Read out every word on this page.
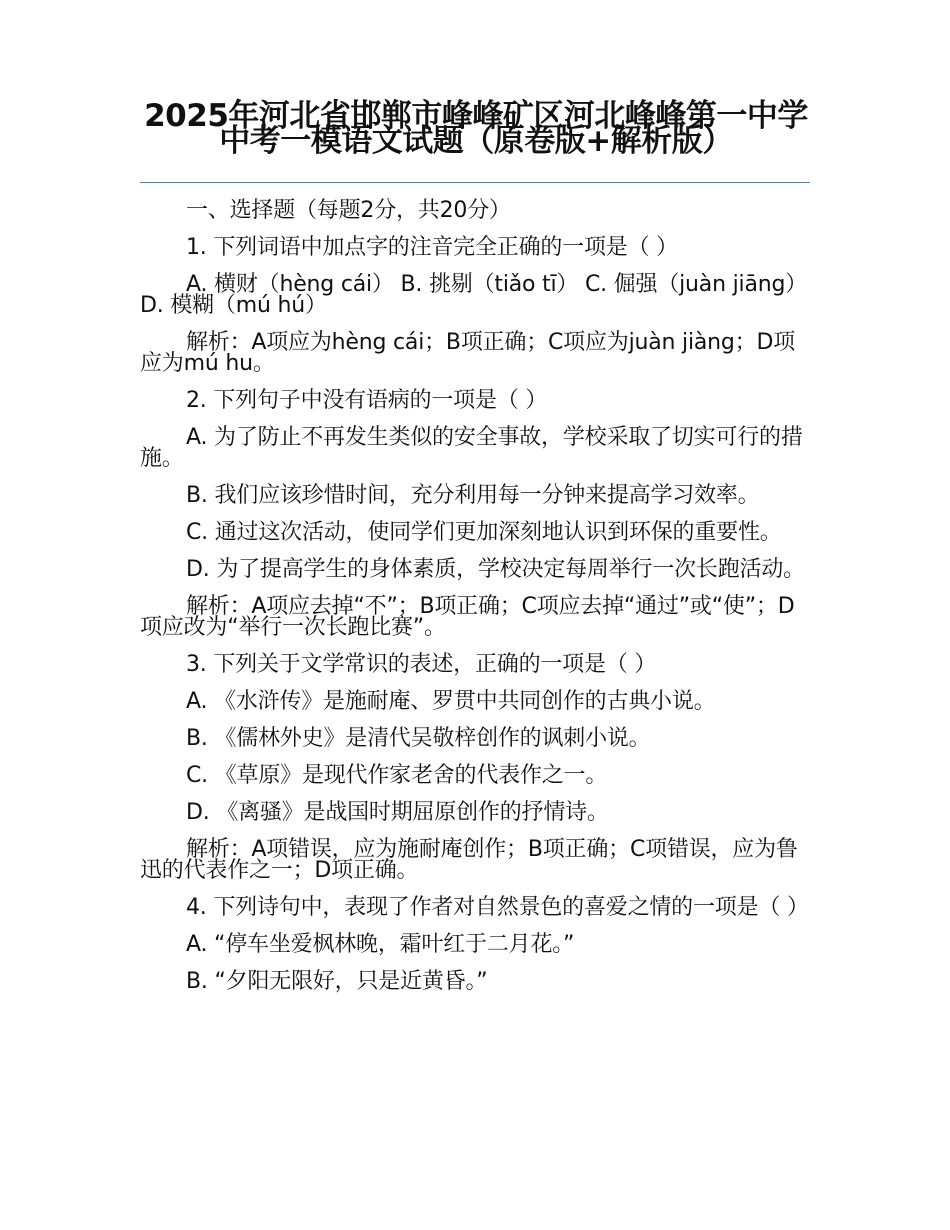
2025年河北省邯郸市峰峰矿区河北峰峰第一中学中考一模语文试题（原卷版+解析版）

一、选择题（每题2分，共20分）

1. 下列词语中加点字的注音完全正确的一项是（ ）

A. 横财（hèng cái） B. 挑剔（tiǎo tī） C. 倔强（juàn jiāng） D. 模糊（mú hú）

解析：A项应为hèng cái；B项正确；C项应为juàn jiàng；D项应为mú hu。

2. 下列句子中没有语病的一项是（ ）

A. 为了防止不再发生类似的安全事故，学校采取了切实可行的措施。

B. 我们应该珍惜时间，充分利用每一分钟来提高学习效率。

C. 通过这次活动，使同学们更加深刻地认识到环保的重要性。

D. 为了提高学生的身体素质，学校决定每周举行一次长跑活动。

解析：A项应去掉“不”；B项正确；C项应去掉“通过”或“使”；D项应改为“举行一次长跑比赛”。

3. 下列关于文学常识的表述，正确的一项是（ ）

A. 《水浒传》是施耐庵、罗贯中共同创作的古典小说。

B. 《儒林外史》是清代吴敬梓创作的讽刺小说。

C. 《草原》是现代作家老舍的代表作之一。

D. 《离骚》是战国时期屈原创作的抒情诗。

解析：A项错误，应为施耐庵创作；B项正确；C项错误，应为鲁迅的代表作之一；D项正确。

4. 下列诗句中，表现了作者对自然景色的喜爱之情的一项是（ ）

A. “停车坐爱枫林晚，霜叶红于二月花。”

B. “夕阳无限好，只是近黄昏。”
